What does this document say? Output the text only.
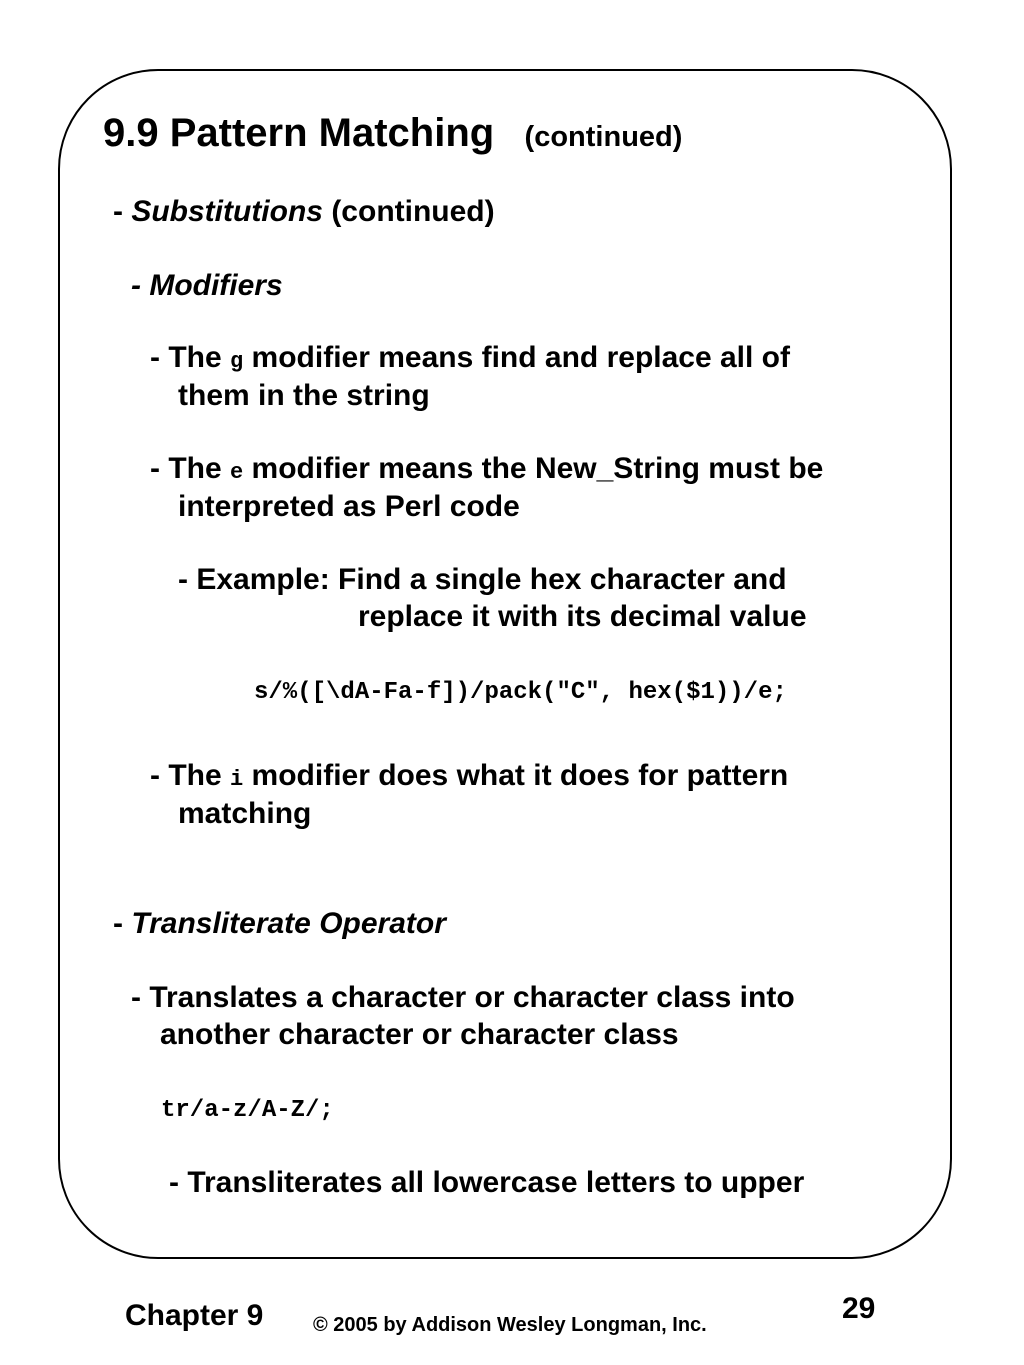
9.9 Pattern Matching (continued)
- Substitutions (continued)
- Modifiers
- The g modifier means find and replace all of
them in the string
- The e modifier means the New_String must be
interpreted as Perl code
- Example: Find a single hex character and
replace it with its decimal value
s/%([\dA-Fa-f])/pack("C", hex($1))/e;
- The i modifier does what it does for pattern
matching
- Transliterate Operator
- Translates a character or character class into
another character or character class
tr/a-z/A-Z/;
- Transliterates all lowercase letters to upper
Chapter 9 © 2005 by Addison Wesley Longman, Inc.	29
